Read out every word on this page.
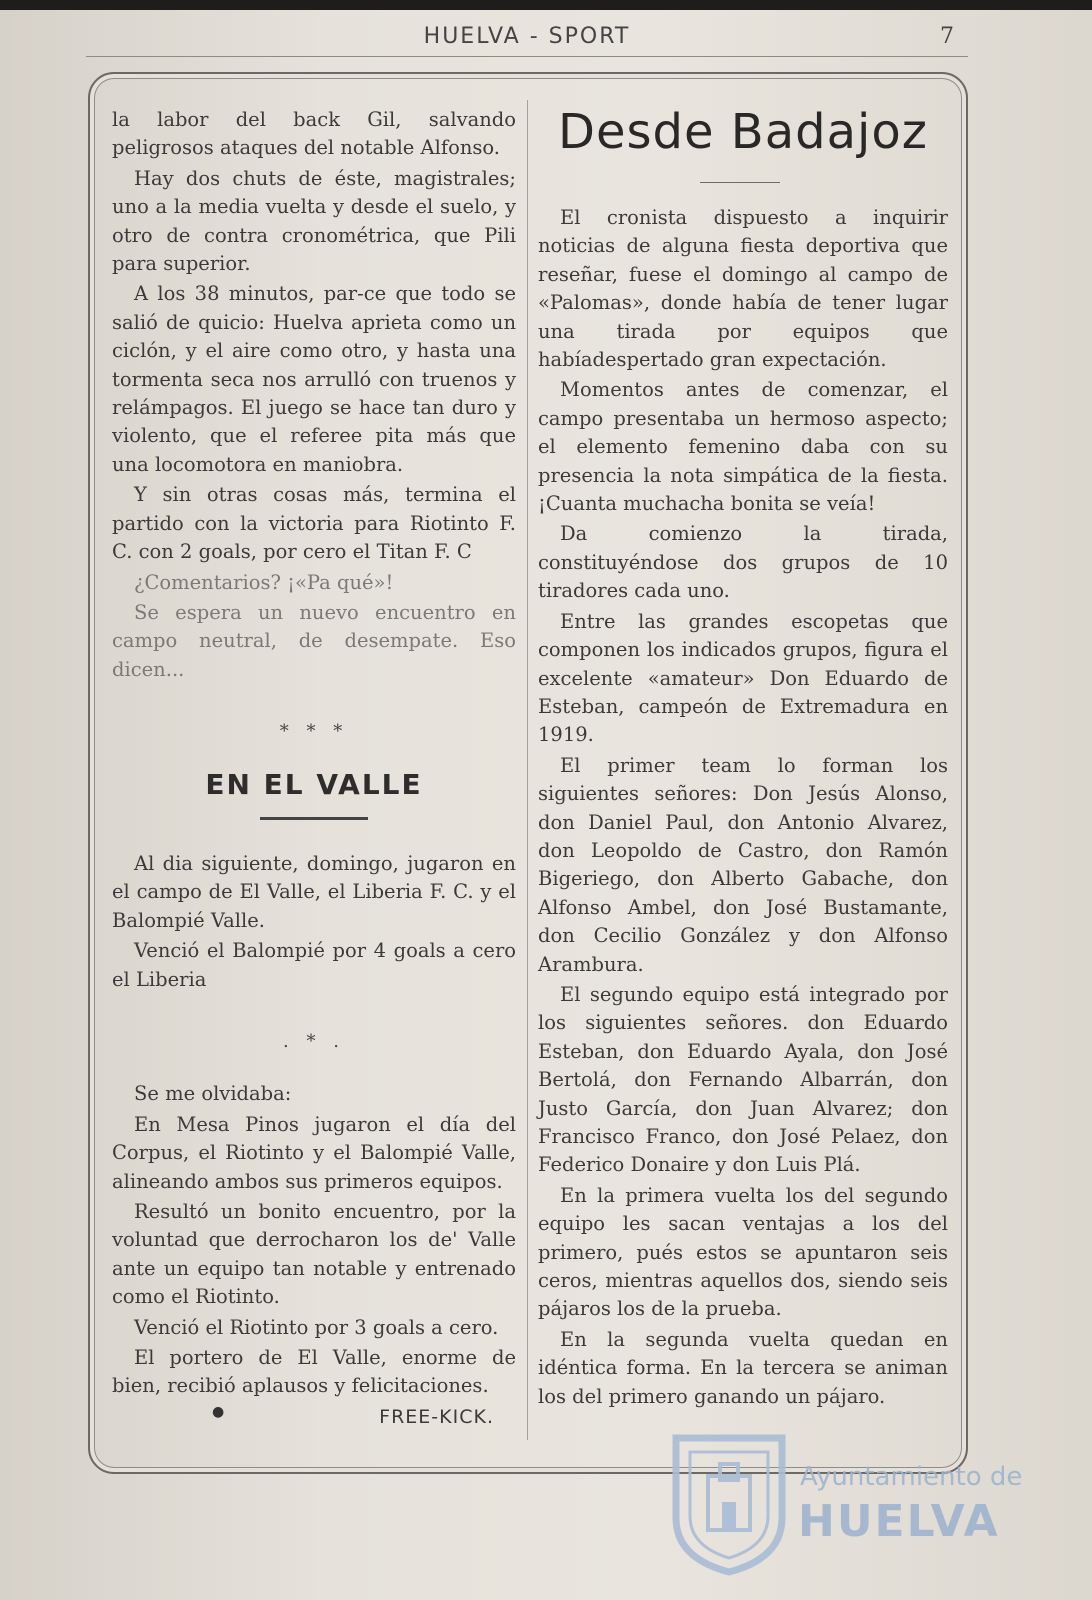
HUELVA - SPORT	7

la labor del back Gil, salvando peligrosos ataques del notable Alfonso.

Hay dos chuts de éste, magistrales; uno a la media vuelta y desde el suelo, y otro de contra cronométrica, que Pili para superior.

A los 38 minutos, par-ce que todo se salió de quicio: Huelva aprieta como un ciclón, y el aire como otro, y hasta una tormenta seca nos arrulló con truenos y relámpagos. El juego se hace tan duro y violento, que el referee pita más que una locomotora en maniobra.

Y sin otras cosas más, termina el partido con la victoria para Riotinto F. C. con 2 goals, por cero el Titan F. C

¿Comentarios? ¡«Pa qué»!

Se espera un nuevo encuentro en campo neutral, de desempate. Eso dicen...

* * *
EN EL VALLE

Al dia siguiente, domingo, jugaron en el campo de El Valle, el Liberia F. C. y el Balompié Valle.

Venció el Balompié por 4 goals a cero el Liberia

. * .

Se me olvidaba:

En Mesa Pinos jugaron el día del Corpus, el Riotinto y el Balompié Valle, alineando ambos sus primeros equipos.

Resultó un bonito encuentro, por la voluntad que derrocharon los de' Valle ante un equipo tan notable y entrenado como el Riotinto.

Venció el Riotinto por 3 goals a cero.

El portero de El Valle, enorme de bien, recibió aplausos y felicitaciones.

FREE-KICK.
●
Desde Badajoz

El cronista dispuesto a inquirir noticias de alguna fiesta deportiva que reseñar, fuese el domingo al campo de «Palomas», donde había de tener lugar una tirada por equipos que habíadespertado gran expectación.

Momentos antes de comenzar, el campo presentaba un hermoso aspecto; el elemento femenino daba con su presencia la nota simpática de la fiesta. ¡Cuanta muchacha bonita se veía!

Da comienzo la tirada, constituyéndose dos grupos de 10 tiradores cada uno.

Entre las grandes escopetas que componen los indicados grupos, figura el excelente «amateur» Don Eduardo de Esteban, campeón de Extremadura en 1919.

El primer team lo forman los siguientes señores: Don Jesús Alonso, don Daniel Paul, don Antonio Alvarez, don Leopoldo de Castro, don Ramón Bigeriego, don Alberto Gabache, don Alfonso Ambel, don José Bustamante, don Cecilio González y don Alfonso Arambura.

El segundo equipo está integrado por los siguientes señores. don Eduardo Esteban, don Eduardo Ayala, don José Bertolá, don Fernando Albarrán, don Justo García, don Juan Alvarez; don Francisco Franco, don José Pelaez, don Federico Donaire y don Luis Plá.

En la primera vuelta los del segundo equipo les sacan ventajas a los del primero, pués estos se apuntaron seis ceros, mientras aquellos dos, siendo seis pájaros los de la prueba.

En la segunda vuelta quedan en idéntica forma. En la tercera se animan los del primero ganando un pájaro.

Ayuntamiento de
HUELVA
